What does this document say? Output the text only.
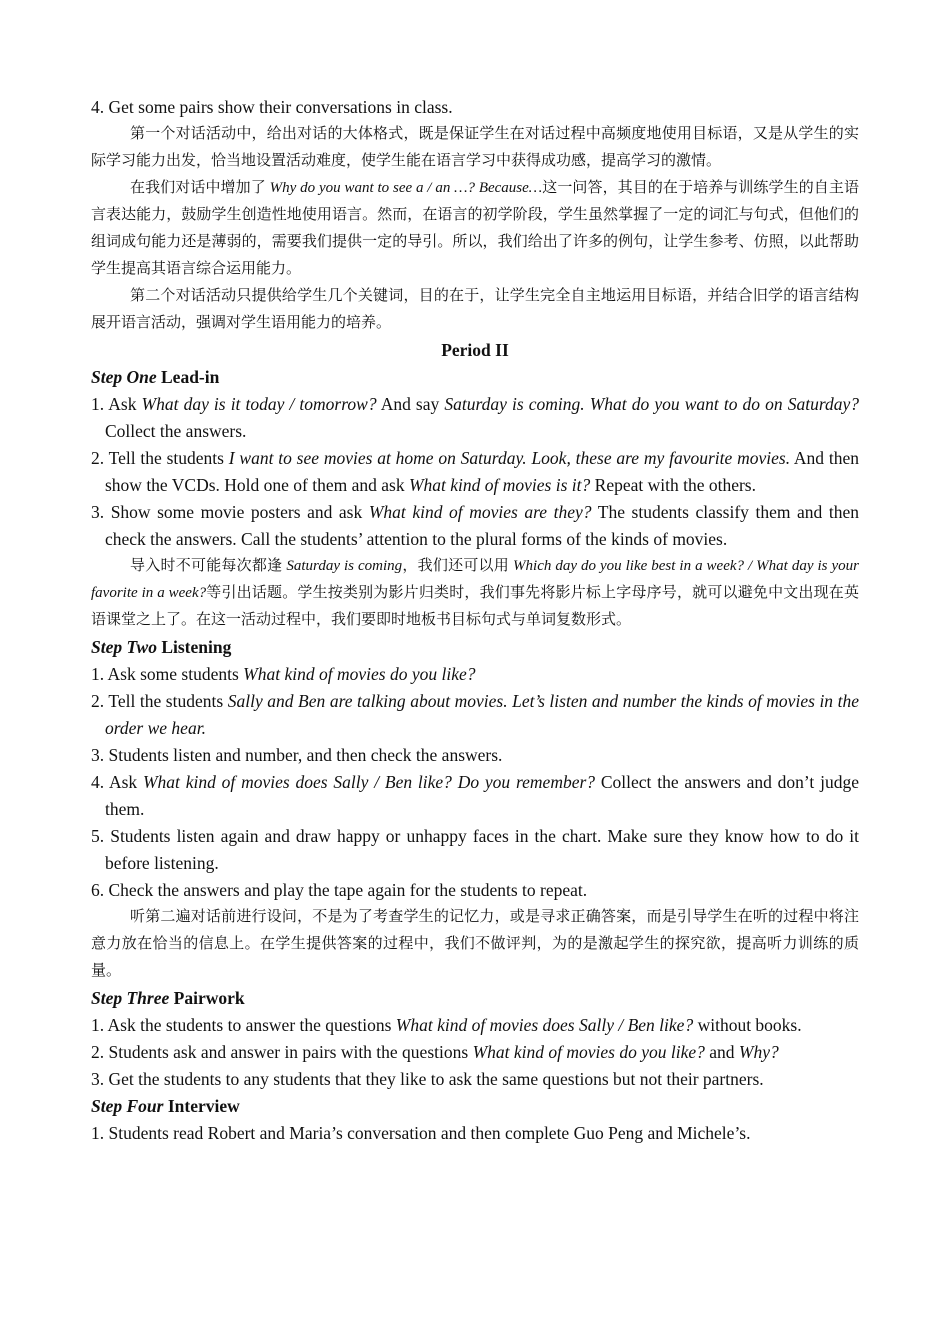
4. Get some pairs show their conversations in class.

第一个对话活动中，给出对话的大体格式，既是保证学生在对话过程中高频度地使用目标语，又是从学生的实际学习能力出发，恰当地设置活动难度，使学生能在语言学习中获得成功感，提高学习的激情。

在我们对话中增加了 Why do you want to see a / an …? Because…这一问答，其目的在于培养与训练学生的自主语言表达能力，鼓励学生创造性地使用语言。然而，在语言的初学阶段，学生虽然掌握了一定的词汇与句式，但他们的组词成句能力还是薄弱的，需要我们提供一定的导引。所以，我们给出了许多的例句，让学生参考、仿照，以此帮助学生提高其语言综合运用能力。

第二个对话活动只提供给学生几个关键词，目的在于，让学生完全自主地运用目标语，并结合旧学的语言结构展开语言活动，强调对学生语用能力的培养。

Period II

Step One Lead-in

1. Ask What day is it today / tomorrow? And say Saturday is coming. What do you want to do on Saturday? Collect the answers.

2. Tell the students I want to see movies at home on Saturday. Look, these are my favourite movies. And then show the VCDs. Hold one of them and ask What kind of movies is it? Repeat with the others.

3. Show some movie posters and ask What kind of movies are they? The students classify them and then check the answers. Call the students’ attention to the plural forms of the kinds of movies.

导入时不可能每次都逢 Saturday is coming，我们还可以用 Which day do you like best in a week? / What day is your favorite in a week?等引出话题。学生按类别为影片归类时，我们事先将影片标上字母序号，就可以避免中文出现在英语课堂之上了。在这一活动过程中，我们要即时地板书目标句式与单词复数形式。

Step Two Listening

1. Ask some students What kind of movies do you like?

2. Tell the students Sally and Ben are talking about movies. Let’s listen and number the kinds of movies in the order we hear.

3. Students listen and number, and then check the answers.

4. Ask What kind of movies does Sally / Ben like? Do you remember? Collect the answers and don’t judge them.

5. Students listen again and draw happy or unhappy faces in the chart. Make sure they know how to do it before listening.

6. Check the answers and play the tape again for the students to repeat.

听第二遍对话前进行设问，不是为了考查学生的记忆力，或是寻求正确答案，而是引导学生在听的过程中将注意力放在恰当的信息上。在学生提供答案的过程中，我们不做评判，为的是激起学生的探究欲，提高听力训练的质量。

Step Three Pairwork

1. Ask the students to answer the questions What kind of movies does Sally / Ben like? without books.

2. Students ask and answer in pairs with the questions What kind of movies do you like? and Why?

3. Get the students to any students that they like to ask the same questions but not their partners.

Step Four Interview

1. Students read Robert and Maria’s conversation and then complete Guo Peng and Michele’s.
